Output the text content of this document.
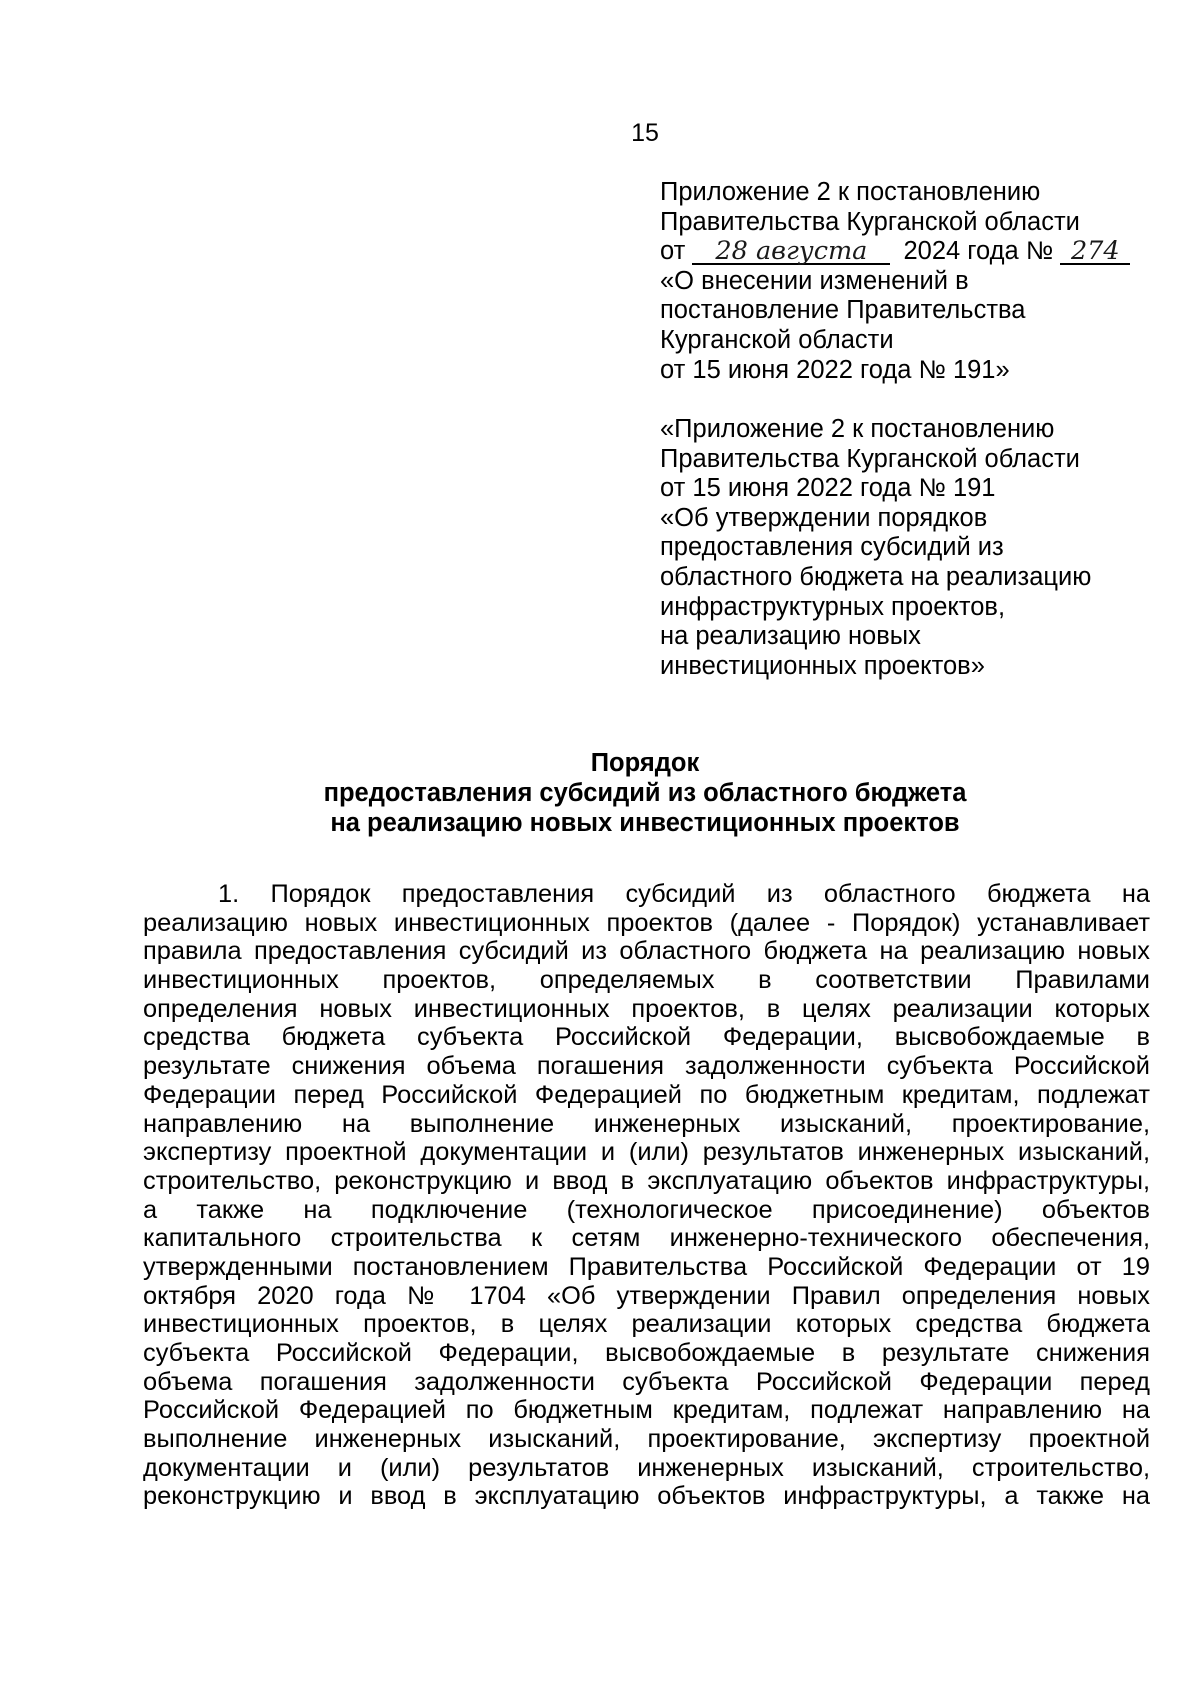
15
Приложение 2 к постановлению
Правительства Курганской области
от 28 августа 2024 года № 274
«О внесении изменений в
постановление Правительства
Курганской области
от 15 июня 2022 года № 191»
«Приложение 2 к постановлению
Правительства Курганской области
от 15 июня 2022 года № 191
«Об утверждении порядков
предоставления субсидий из
областного бюджета на реализацию
инфраструктурных проектов,
на реализацию новых
инвестиционных проектов»
Порядок
предоставления субсидий из областного бюджета
на реализацию новых инвестиционных проектов
1. Порядок предоставления субсидий из областного бюджета на
реализацию новых инвестиционных проектов (далее - Порядок) устанавливает
правила предоставления субсидий из областного бюджета на реализацию новых
инвестиционных проектов, определяемых в соответствии Правилами
определения новых инвестиционных проектов, в целях реализации которых
средства бюджета субъекта Российской Федерации, высвобождаемые в
результате снижения объема погашения задолженности субъекта Российской
Федерации перед Российской Федерацией по бюджетным кредитам, подлежат
направлению на выполнение инженерных изысканий, проектирование,
экспертизу проектной документации и (или) результатов инженерных изысканий,
строительство, реконструкцию и ввод в эксплуатацию объектов инфраструктуры,
а также на подключение (технологическое присоединение) объектов
капитального строительства к сетям инженерно-технического обеспечения,
утвержденными постановлением Правительства Российской Федерации от 19
октября 2020 года № 1704 «Об утверждении Правил определения новых
инвестиционных проектов, в целях реализации которых средства бюджета
субъекта Российской Федерации, высвобождаемые в результате снижения
объема погашения задолженности субъекта Российской Федерации перед
Российской Федерацией по бюджетным кредитам, подлежат направлению на
выполнение инженерных изысканий, проектирование, экспертизу проектной
документации и (или) результатов инженерных изысканий, строительство,
реконструкцию и ввод в эксплуатацию объектов инфраструктуры, а также на
